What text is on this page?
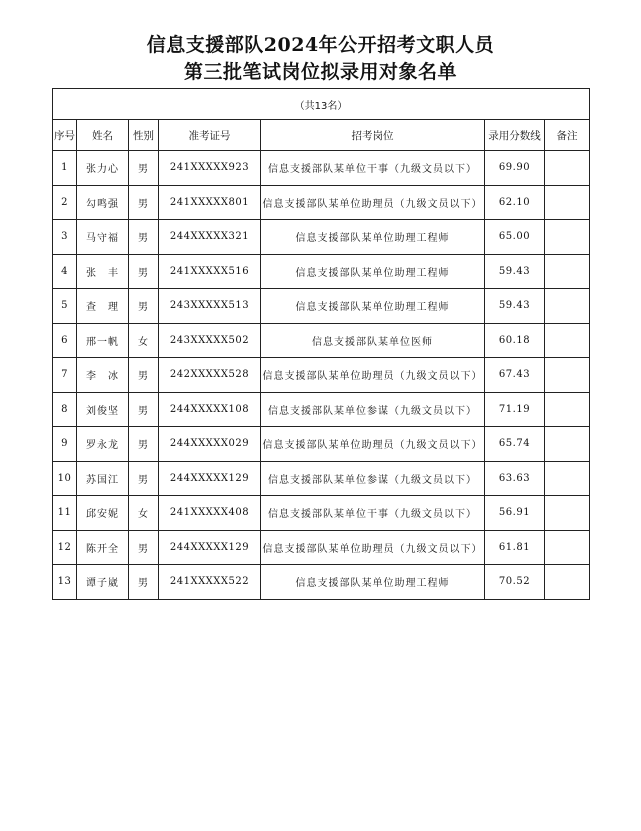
信息支援部队2024年公开招考文职人员
第三批笔试岗位拟录用对象名单
（共13名）						
序号	姓名	性别	准考证号	招考岗位	录用分数线	备注
1	张力心	男	241XXXXX923	信息支援部队某单位干事（九级文员以下）	69.90	
2	勾鸣强	男	241XXXXX801	信息支援部队某单位助理员（九级文员以下）	62.10	
3	马守福	男	244XXXXX321	信息支援部队某单位助理工程师	65.00	
4	张　丰	男	241XXXXX516	信息支援部队某单位助理工程师	59.43	
5	查　理	男	243XXXXX513	信息支援部队某单位助理工程师	59.43	
6	邢一帆	女	243XXXXX502	信息支援部队某单位医师	60.18	
7	李　冰	男	242XXXXX528	信息支援部队某单位助理员（九级文员以下）	67.43	
8	刘俊坚	男	244XXXXX108	信息支援部队某单位参谋（九级文员以下）	71.19	
9	罗永龙	男	244XXXXX029	信息支援部队某单位助理员（九级文员以下）	65.74	
10	苏国江	男	244XXXXX129	信息支援部队某单位参谋（九级文员以下）	63.63	
11	邱安妮	女	241XXXXX408	信息支援部队某单位干事（九级文员以下）	56.91	
12	陈开全	男	244XXXXX129	信息支援部队某单位助理员（九级文员以下）	61.81	
13	谭子崴	男	241XXXXX522	信息支援部队某单位助理工程师	70.52	
